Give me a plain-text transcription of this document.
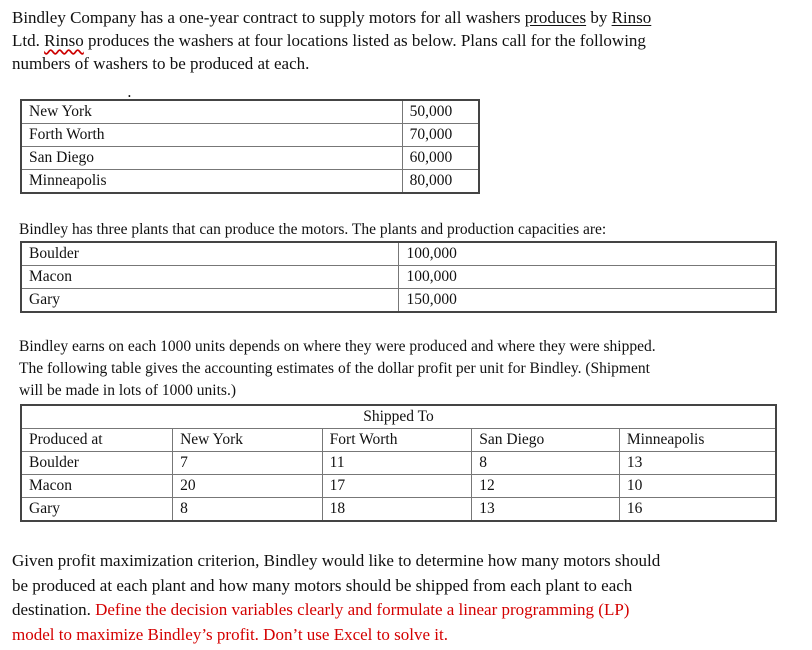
Bindley Company has a one-year contract to supply motors for all washers produces by Rinso
Ltd. Rinso produces the washers at four locations listed as below. Plans call for the following
numbers of washers to be produced at each.
•
New York	50,000
Forth Worth	70,000
San Diego	60,000
Minneapolis	80,000
Bindley has three plants that can produce the motors. The plants and production capacities are:
Boulder	100,000
Macon	100,000
Gary	150,000
Bindley earns on each 1000 units depends on where they were produced and where they were shipped.
The following table gives the accounting estimates of the dollar profit per unit for Bindley. (Shipment
will be made in lots of 1000 units.)
Shipped To				
Produced at	New York	Fort Worth	San Diego	Minneapolis
Boulder	7	11	8	13
Macon	20	17	12	10
Gary	8	18	13	16
Given profit maximization criterion, Bindley would like to determine how many motors should
be produced at each plant and how many motors should be shipped from each plant to each
destination. Define the decision variables clearly and formulate a linear programming (LP)
model to maximize Bindley’s profit. Don’t use Excel to solve it.
